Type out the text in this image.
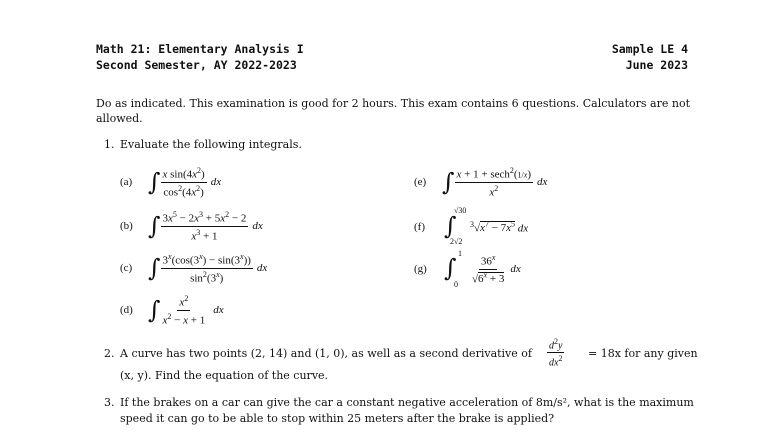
Math 21: Elementary Analysis I
Second Semester, AY 2022-2023
Sample LE 4
June 2023
Do as indicated. This examination is good for 2 hours. This exam contains 6 questions. Calculators are not allowed.
1. Evaluate the following integrals.
(a) ∫ $\frac{x \sin(4x^2)}{\cos^2(4x^2)}$ dx
(b) ∫ $\frac{3x^5 - 2x^3 + 5x^2 - 2}{x^3 + 1}$ dx
(c) ∫ $\frac{3^x(\cos(3^x) - \sin(3^x))}{\sin^2(3^x)}$ dx
(d) ∫ $\frac{x^2}{x^2 - x + 1}$ dx
(e) ∫ $\frac{x + 1 + \sec h^2(1/x)}{x^2}$ dx
(f) ∫
√30
2√2
$^3√x^7 - 7x^5$ dx
(g) ∫
1
$0 \frac{36^x}{√6^x + 3}$ dx
2. A curve has two points (2, 14) and (1, 0), as well as a second derivative of $\frac{d^2y}{dx^2} = 18x$ for any given
(x, y). Find the equation of the curve.
3. If the brakes on a car can give the car a constant negative acceleration of 8m/s², what is the maximum
speed it can go to be able to stop within 25 meters after the brake is applied?
